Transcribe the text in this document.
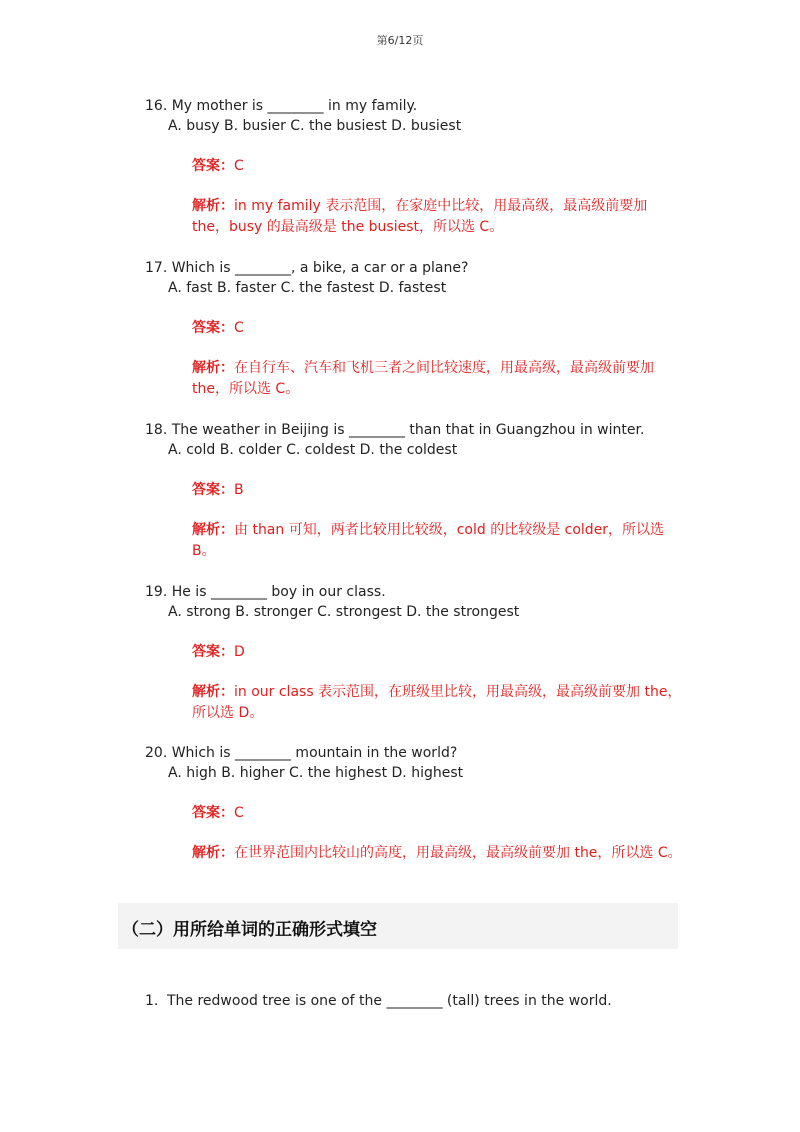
第6/12页
16. My mother is ________ in my family.
A. busy B. busier C. the busiest D. busiest
答案：C
解析：in my family 表示范围，在家庭中比较，用最高级，最高级前要加 the，busy 的最高级是 the busiest，所以选 C。
17. Which is ________, a bike, a car or a plane?
A. fast B. faster C. the fastest D. fastest
答案：C
解析：在自行车、汽车和飞机三者之间比较速度，用最高级，最高级前要加 the，所以选 C。
18. The weather in Beijing is ________ than that in Guangzhou in winter.
A. cold B. colder C. coldest D. the coldest
答案：B
解析：由 than 可知，两者比较用比较级，cold 的比较级是 colder，所以选 B。
19. He is ________ boy in our class.
A. strong B. stronger C. strongest D. the strongest
答案：D
解析：in our class 表示范围，在班级里比较，用最高级，最高级前要加 the，所以选 D。
20. Which is ________ mountain in the world?
A. high B. higher C. the highest D. highest
答案：C
解析：在世界范围内比较山的高度，用最高级，最高级前要加 the，所以选 C。
（二）用所给单词的正确形式填空
1. The redwood tree is one of the ________ (tall) trees in the world.
